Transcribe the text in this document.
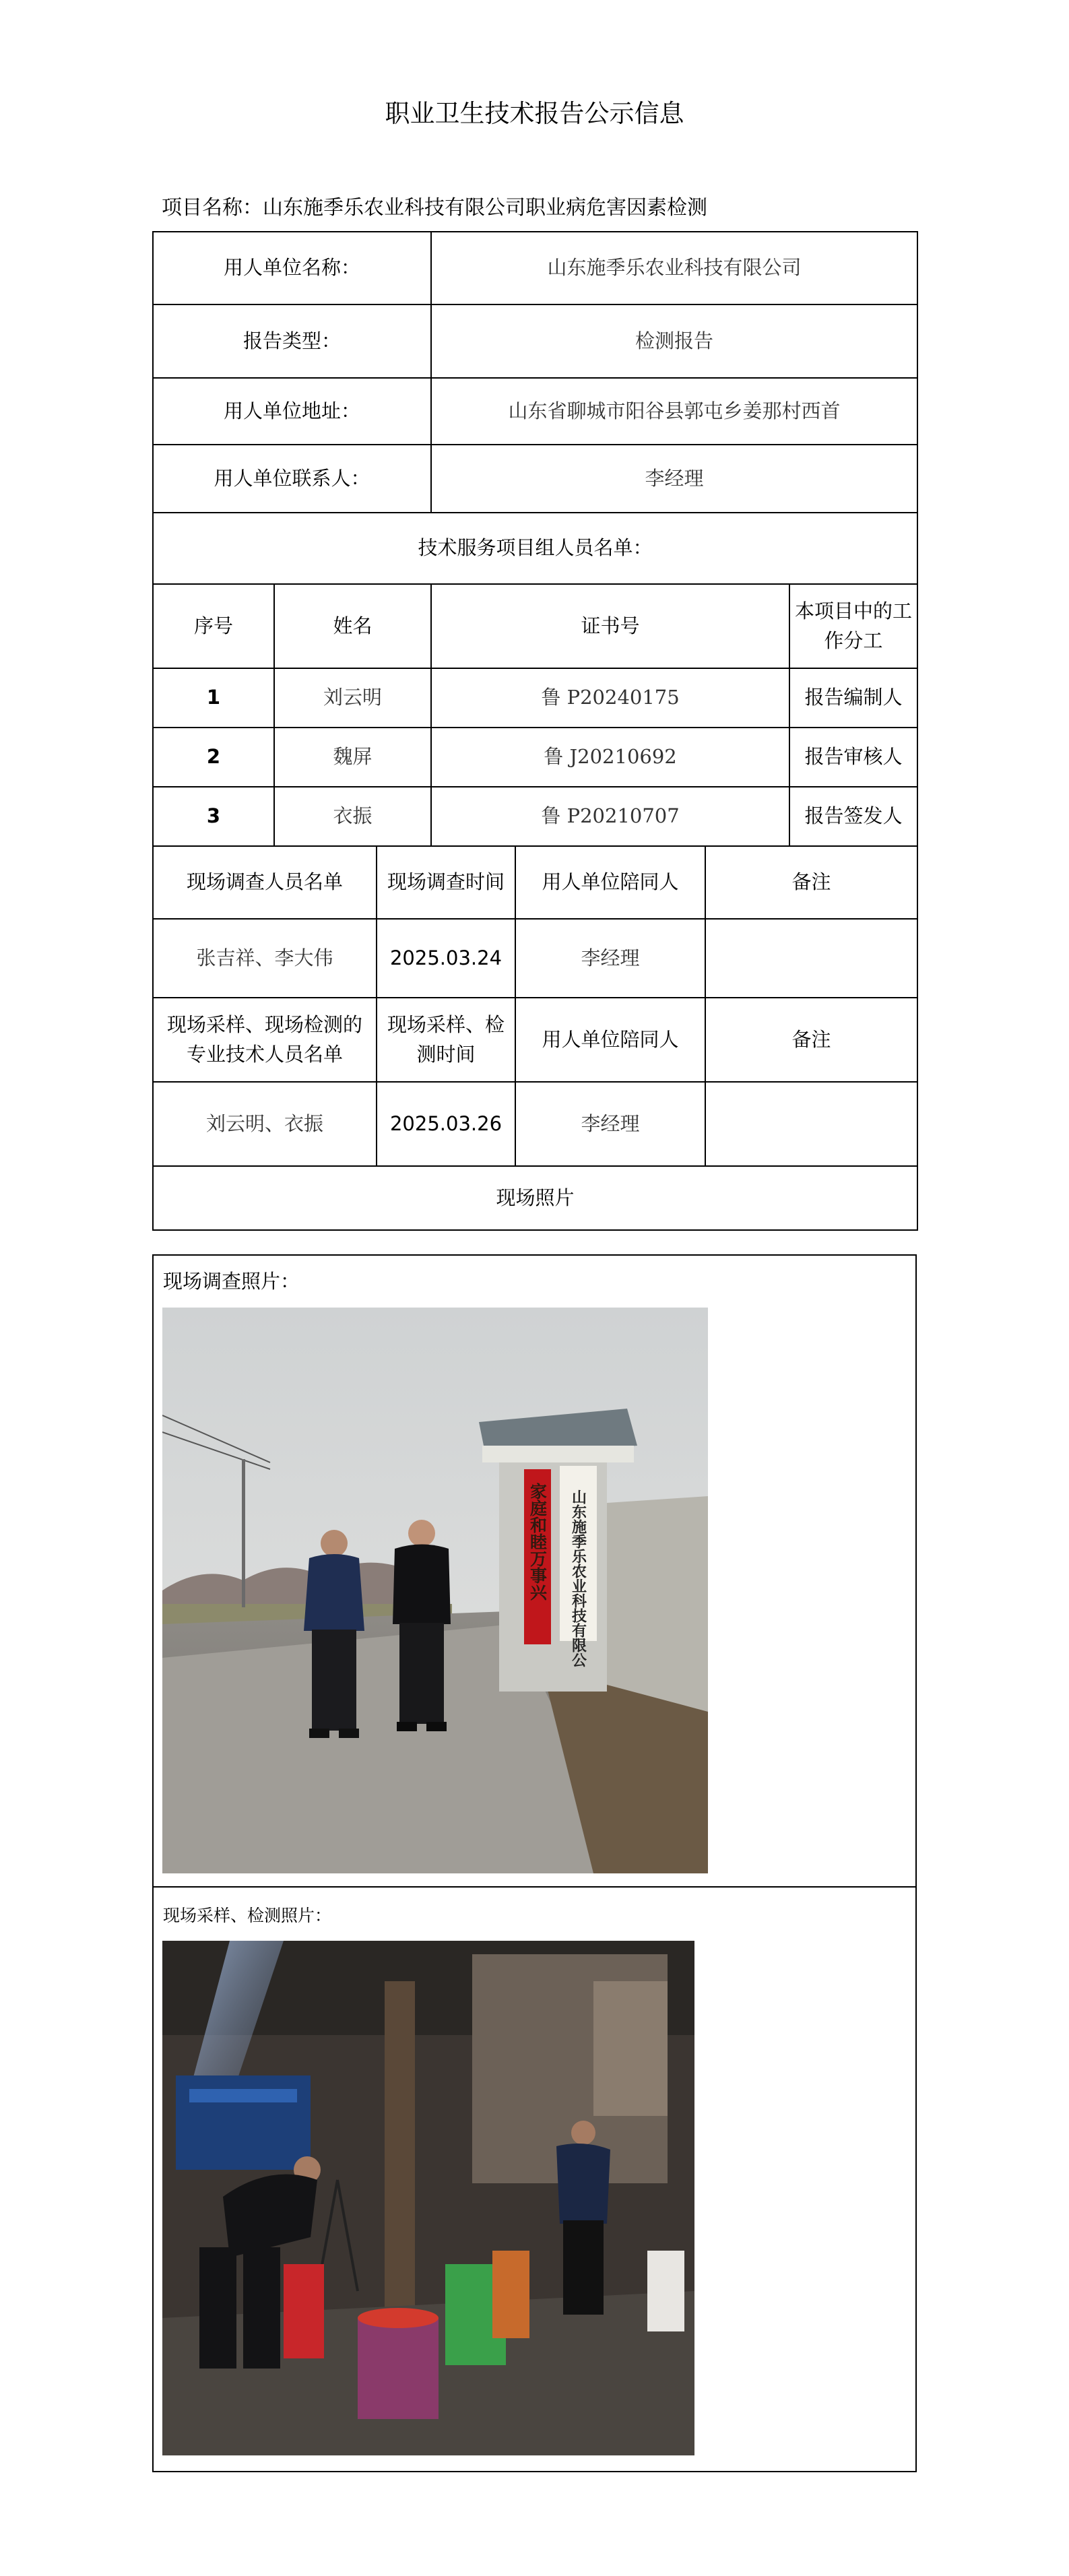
职业卫生技术报告公示信息
项目名称：山东施季乐农业科技有限公司职业病危害因素检测
用人单位名称：			山东施季乐农业科技有限公司			
报告类型：			检测报告			
用人单位地址：			山东省聊城市阳谷县郭屯乡姜那村西首			
用人单位联系人：			李经理			
技术服务项目组人员名单：						
序号	姓名		证书号			本项目中的工作分工
1	刘云明		鲁 P20240175			报告编制人
2	魏屏		鲁 J20210692			报告审核人
3	衣振		鲁 P20210707			报告签发人
现场调查人员名单		现场调查时间		用人单位陪同人	备注	
张吉祥、李大伟		2025.03.24		李经理		
现场采样、现场检测的专业技术人员名单		现场采样、检测时间		用人单位陪同人	备注	
刘云明、衣振		2025.03.26		李经理		
现场照片						
现场调查照片：
山东施季乐农业科技有限公
家庭和睦万事兴
现场采样、检测照片：
